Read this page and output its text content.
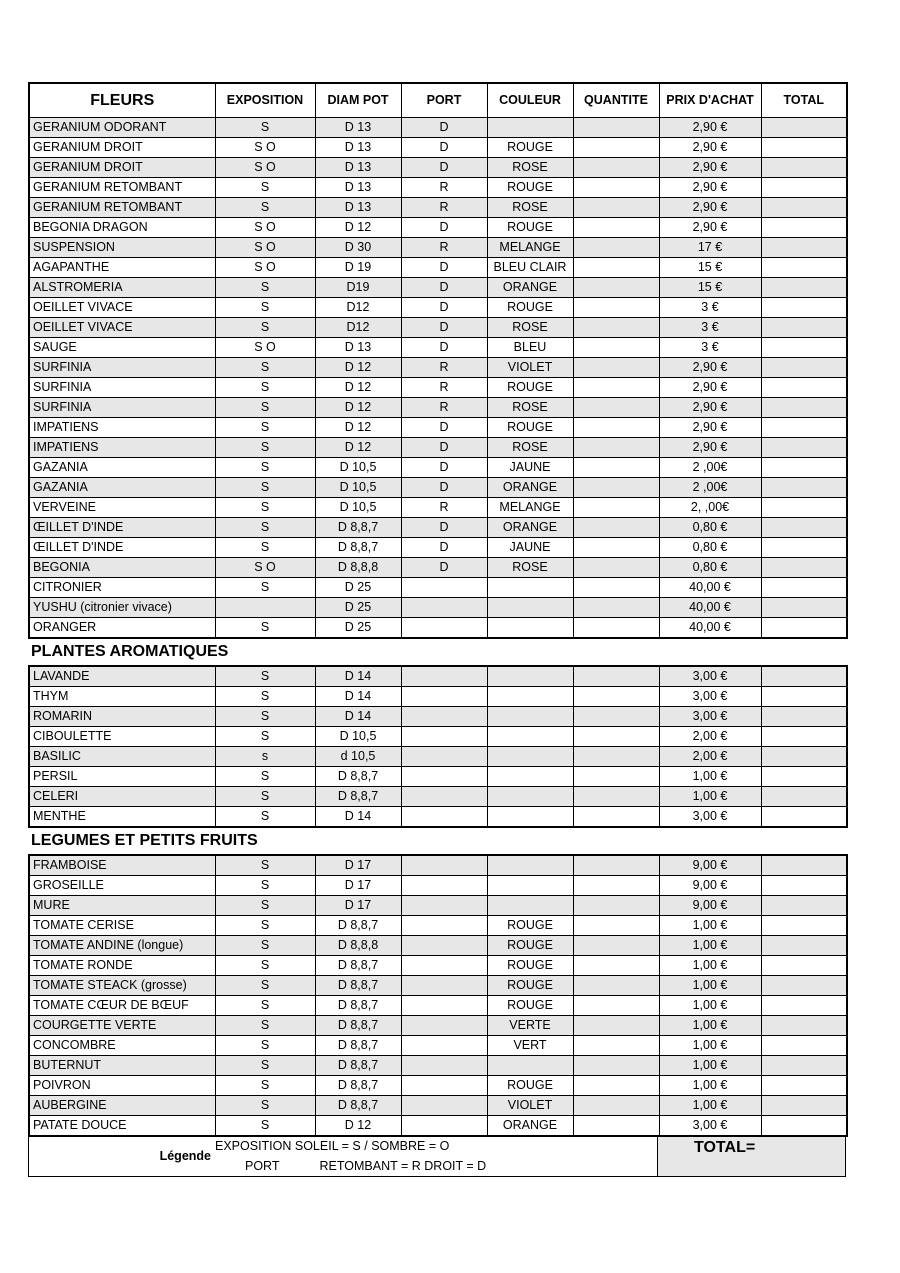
FLEURS	EXPOSITION	DIAM POT	PORT	COULEUR	QUANTITE	PRIX D'ACHAT	TOTAL
GERANIUM ODORANT	S	D 13	D			2,90 €	
GERANIUM DROIT	S O	D 13	D	ROUGE		2,90 €	
GERANIUM DROIT	S O	D 13	D	ROSE		2,90 €	
GERANIUM RETOMBANT	S	D 13	R	ROUGE		2,90 €	
GERANIUM RETOMBANT	S	D 13	R	ROSE		2,90 €	
BEGONIA DRAGON	S O	D 12	D	ROUGE		2,90 €	
SUSPENSION	S O	D 30	R	MELANGE		17 €	
AGAPANTHE	S O	D 19	D	BLEU CLAIR		15 €	
ALSTROMERIA	S	D19	D	ORANGE		15 €	
OEILLET VIVACE	S	D12	D	ROUGE		3 €	
OEILLET VIVACE	S	D12	D	ROSE		3 €	
SAUGE	S O	D 13	D	BLEU		3 €	
SURFINIA	S	D 12	R	VIOLET		2,90 €	
SURFINIA	S	D 12	R	ROUGE		2,90 €	
SURFINIA	S	D 12	R	ROSE		2,90 €	
IMPATIENS	S	D 12	D	ROUGE		2,90 €	
IMPATIENS	S	D 12	D	ROSE		2,90 €	
GAZANIA	S	D 10,5	D	JAUNE		2 ,00€	
GAZANIA	S	D 10,5	D	ORANGE		2 ,00€	
VERVEINE	S	D 10,5	R	MELANGE		2, ,00€	
ŒILLET D'INDE	S	D 8,8,7	D	ORANGE		0,80 €	
ŒILLET D'INDE	S	D 8,8,7	D	JAUNE		0,80 €	
BEGONIA	S O	D 8,8,8	D	ROSE		0,80 €	
CITRONIER	S	D 25				40,00 €	
YUSHU (citronier vivace)		D 25				40,00 €	
ORANGER	S	D 25				40,00 €	
PLANTES AROMATIQUES
LAVANDE	S	D 14				3,00 €	
THYM	S	D 14				3,00 €	
ROMARIN	S	D 14				3,00 €	
CIBOULETTE	S	D 10,5				2,00 €	
BASILIC	s	d 10,5				2,00 €	
PERSIL	S	D 8,8,7				1,00 €	
CELERI	S	D 8,8,7				1,00 €	
MENTHE	S	D 14				3,00 €	
LEGUMES ET PETITS FRUITS
FRAMBOISE	S	D 17				9,00 €	
GROSEILLE	S	D 17				9,00 €	
MURE	S	D 17				9,00 €	
TOMATE CERISE	S	D 8,8,7		ROUGE		1,00 €	
TOMATE ANDINE (longue)	S	D 8,8,8		ROUGE		1,00 €	
TOMATE RONDE	S	D 8,8,7		ROUGE		1,00 €	
TOMATE STEACK (grosse)	S	D 8,8,7		ROUGE		1,00 €	
TOMATE CŒUR DE BŒUF	S	D 8,8,7		ROUGE		1,00 €	
COURGETTE VERTE	S	D 8,8,7		VERTE		1,00 €	
CONCOMBRE	S	D 8,8,7		VERT		1,00 €	
BUTERNUT	S	D 8,8,7				1,00 €	
POIVRON	S	D 8,8,7		ROUGE		1,00 €	
AUBERGINE	S	D 8,8,7		VIOLET		1,00 €	
PATATE DOUCE	S	D 12		ORANGE		3,00 €	
Légende
EXPOSITION SOLEIL = S / SOMBRE = O
PORT	RETOMBANT = R DROIT = D
TOTAL=
